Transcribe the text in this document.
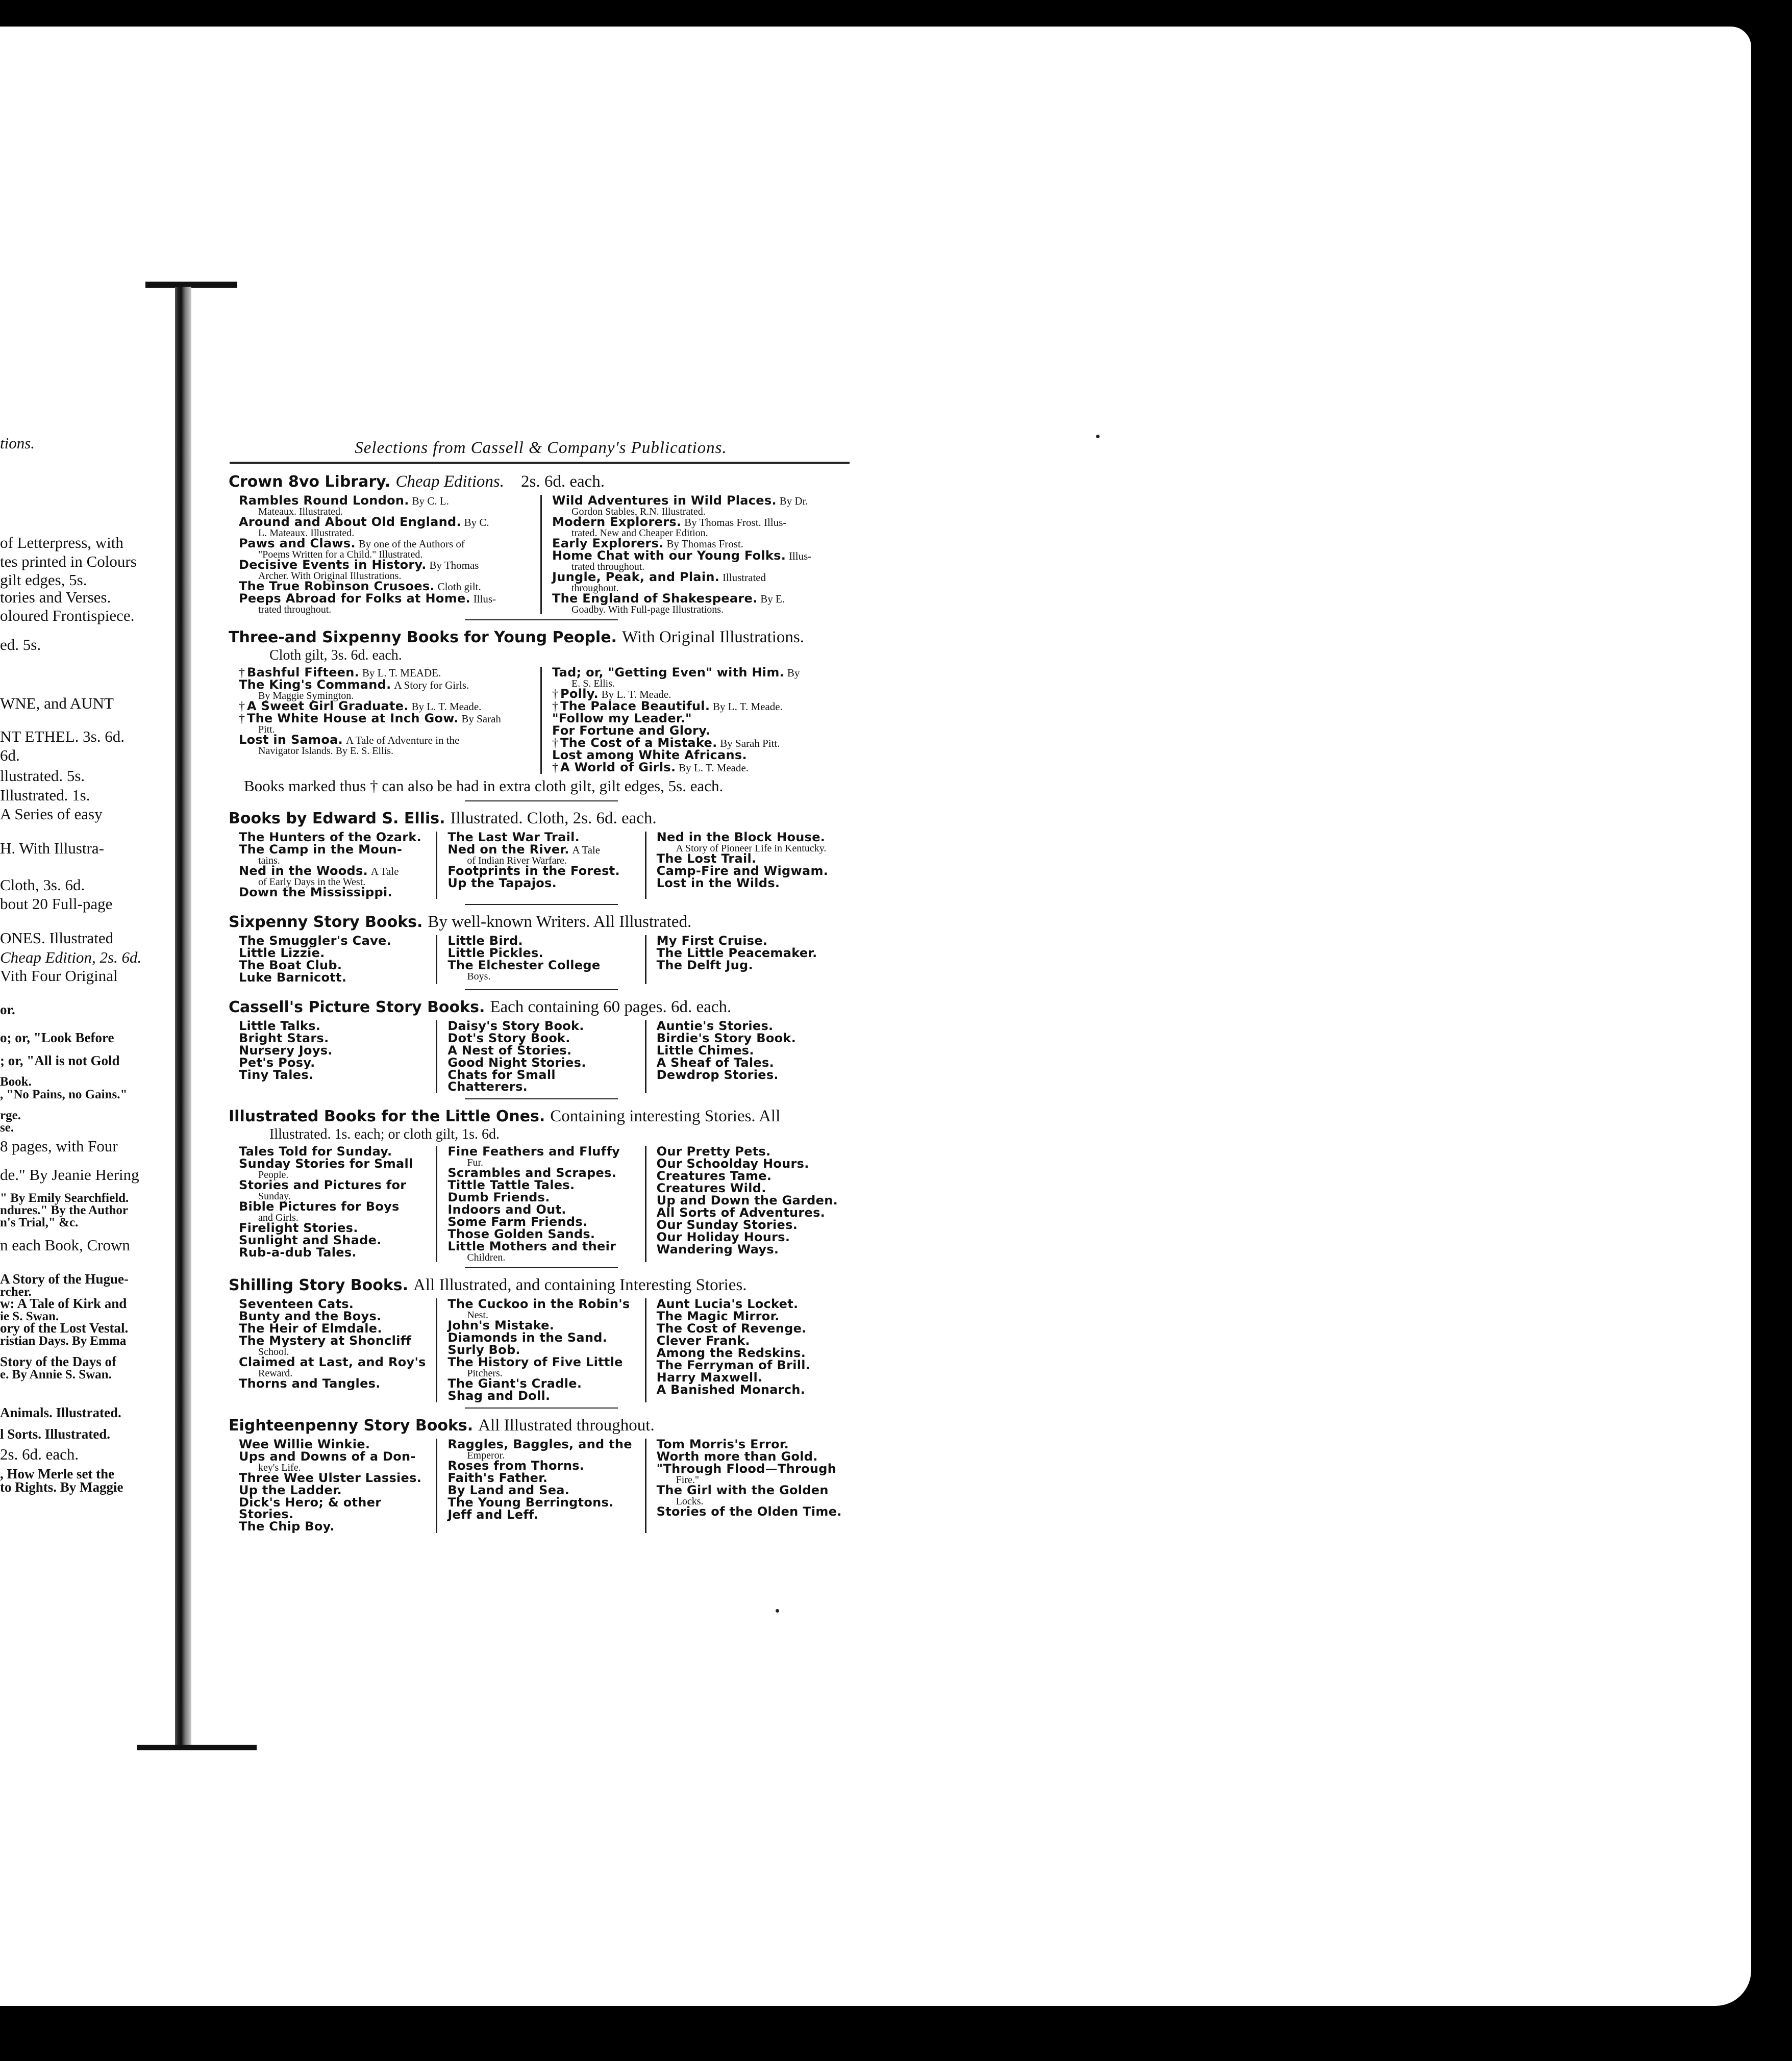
tions.
of Letterpress, with
tes printed in Colours
gilt edges, 5s.
tories and Verses.
oloured Frontispiece.
ed. 5s.
WNE, and AUNT
NT ETHEL. 3s. 6d.
6d.
llustrated. 5s.
Illustrated. 1s.
A Series of easy
H. With Illustra-
Cloth, 3s. 6d.
bout 20 Full-page
ONES. Illustrated
Cheap Edition, 2s. 6d.
Vith Four Original
or.
o; or, "Look Before
; or, "All is not Gold
Book.
, "No Pains, no Gains."
rge.
se.
8 pages, with Four
de." By Jeanie Hering
" By Emily Searchfield.
ndures." By the Author
n's Trial," &c.
n each Book, Crown
A Story of the Hugue-
rcher.
w: A Tale of Kirk and
ie S. Swan.
ory of the Lost Vestal.
ristian Days. By Emma
Story of the Days of
e. By Annie S. Swan.
Animals. Illustrated.
l Sorts. Illustrated.
2s. 6d. each.
, How Merle set the
to Rights. By Maggie
Selections from Cassell & Company's Publications.
Crown 8vo Library. Cheap Editions.  2s. 6d. each.
Rambles Round London. By C. L.
Mateaux. Illustrated.
Around and About Old England. By C.
L. Mateaux. Illustrated.
Paws and Claws. By one of the Authors of
"Poems Written for a Child." Illustrated.
Decisive Events in History. By Thomas
Archer. With Original Illustrations.
The True Robinson Crusoes. Cloth gilt.
Peeps Abroad for Folks at Home. Illus-
trated throughout.
Wild Adventures in Wild Places. By Dr.
Gordon Stables, R.N. Illustrated.
Modern Explorers. By Thomas Frost. Illus-
trated. New and Cheaper Edition.
Early Explorers. By Thomas Frost.
Home Chat with our Young Folks. Illus-
trated throughout.
Jungle, Peak, and Plain. Illustrated
throughout.
The England of Shakespeare. By E.
Goadby. With Full-page Illustrations.
Three-and Sixpenny Books for Young People. With Original Illustrations.
Cloth gilt, 3s. 6d. each.
† Bashful Fifteen. By L. T. MEADE.
The King's Command. A Story for Girls.
By Maggie Symington.
† A Sweet Girl Graduate. By L. T. Meade.
† The White House at Inch Gow. By Sarah
Pitt.
Lost in Samoa. A Tale of Adventure in the
Navigator Islands. By E. S. Ellis.
Tad; or, "Getting Even" with Him. By
E. S. Ellis.
† Polly. By L. T. Meade.
† The Palace Beautiful. By L. T. Meade.
"Follow my Leader."
For Fortune and Glory.
† The Cost of a Mistake. By Sarah Pitt.
Lost among White Africans.
† A World of Girls. By L. T. Meade.
Books marked thus † can also be had in extra cloth gilt, gilt edges, 5s. each.
Books by Edward S. Ellis. Illustrated. Cloth, 2s. 6d. each.
The Hunters of the Ozark.
The Camp in the Moun-
tains.
Ned in the Woods. A Tale
of Early Days in the West.
Down the Mississippi.
The Last War Trail.
Ned on the River. A Tale
of Indian River Warfare.
Footprints in the Forest.
Up the Tapajos.
Ned in the Block House.
A Story of Pioneer Life in Kentucky.
The Lost Trail.
Camp-Fire and Wigwam.
Lost in the Wilds.
Sixpenny Story Books. By well-known Writers. All Illustrated.
The Smuggler's Cave.
Little Lizzie.
The Boat Club.
Luke Barnicott.
Little Bird.
Little Pickles.
The Elchester College
Boys.
My First Cruise.
The Little Peacemaker.
The Delft Jug.
Cassell's Picture Story Books. Each containing 60 pages. 6d. each.
Little Talks.
Bright Stars.
Nursery Joys.
Pet's Posy.
Tiny Tales.
Daisy's Story Book.
Dot's Story Book.
A Nest of Stories.
Good Night Stories.
Chats for Small Chatterers.
Auntie's Stories.
Birdie's Story Book.
Little Chimes.
A Sheaf of Tales.
Dewdrop Stories.
Illustrated Books for the Little Ones. Containing interesting Stories. All
Illustrated. 1s. each; or cloth gilt, 1s. 6d.
Tales Told for Sunday.
Sunday Stories for Small
People.
Stories and Pictures for
Sunday.
Bible Pictures for Boys
and Girls.
Firelight Stories.
Sunlight and Shade.
Rub-a-dub Tales.
Fine Feathers and Fluffy
Fur.
Scrambles and Scrapes.
Tittle Tattle Tales.
Dumb Friends.
Indoors and Out.
Some Farm Friends.
Those Golden Sands.
Little Mothers and their
Children.
Our Pretty Pets.
Our Schoolday Hours.
Creatures Tame.
Creatures Wild.
Up and Down the Garden.
All Sorts of Adventures.
Our Sunday Stories.
Our Holiday Hours.
Wandering Ways.
Shilling Story Books. All Illustrated, and containing Interesting Stories.
Seventeen Cats.
Bunty and the Boys.
The Heir of Elmdale.
The Mystery at Shoncliff
School.
Claimed at Last, and Roy's
Reward.
Thorns and Tangles.
The Cuckoo in the Robin's
Nest.
John's Mistake.
Diamonds in the Sand.
Surly Bob.
The History of Five Little
Pitchers.
The Giant's Cradle.
Shag and Doll.
Aunt Lucia's Locket.
The Magic Mirror.
The Cost of Revenge.
Clever Frank.
Among the Redskins.
The Ferryman of Brill.
Harry Maxwell.
A Banished Monarch.
Eighteenpenny Story Books. All Illustrated throughout.
Wee Willie Winkie.
Ups and Downs of a Don-
key's Life.
Three Wee Ulster Lassies.
Up the Ladder.
Dick's Hero; & other Stories.
The Chip Boy.
Raggles, Baggles, and the
Emperor.
Roses from Thorns.
Faith's Father.
By Land and Sea.
The Young Berringtons.
Jeff and Leff.
Tom Morris's Error.
Worth more than Gold.
"Through Flood—Through
Fire."
The Girl with the Golden
Locks.
Stories of the Olden Time.
